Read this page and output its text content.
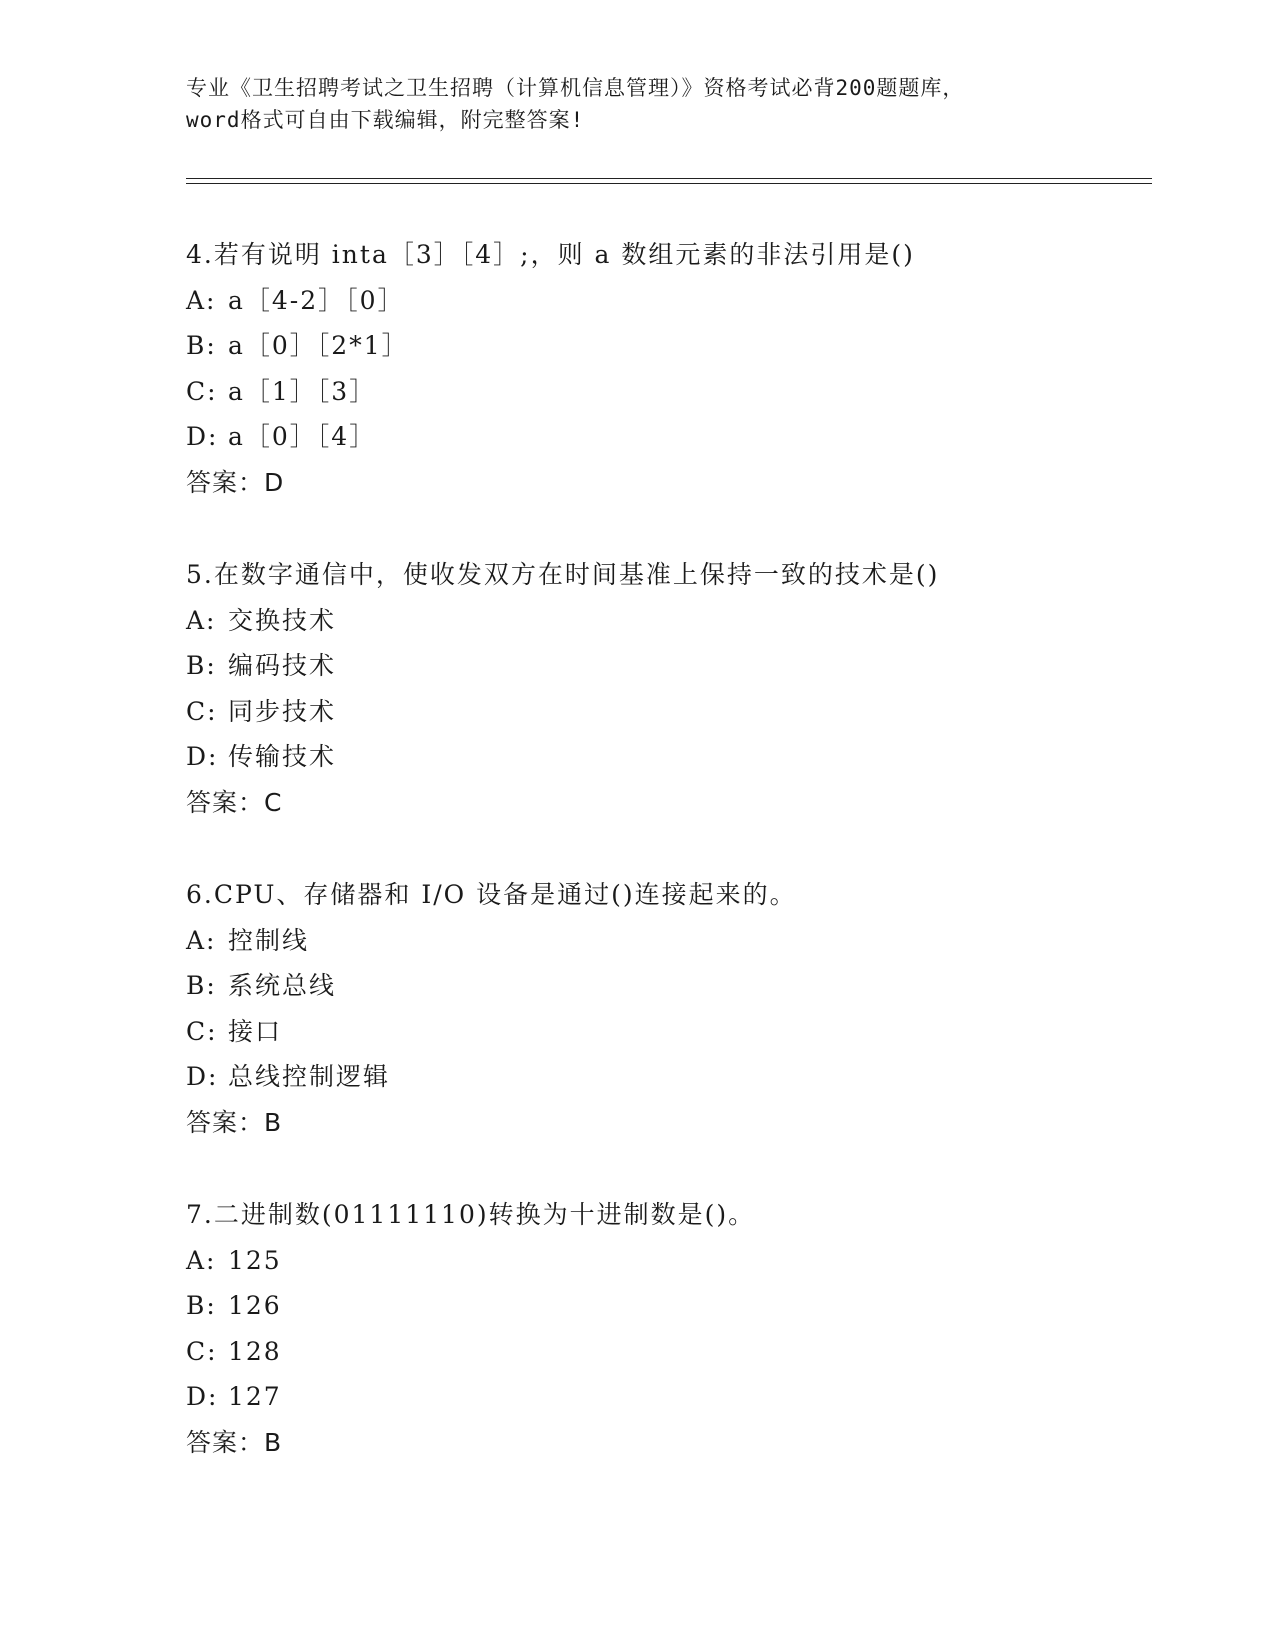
专业《卫生招聘考试之卫生招聘（计算机信息管理）》资格考试必背200题题库，
word格式可自由下载编辑，附完整答案!
4.若有说明 inta［3］［4］;，则 a 数组元素的非法引用是()
A: a［4-2］［0］
B: a［0］［2*1］
C: a［1］［3］
D: a［0］［4］
答案：D
5.在数字通信中，使收发双方在时间基准上保持一致的技术是()
A: 交换技术
B: 编码技术
C: 同步技术
D: 传输技术
答案：C
6.CPU、存储器和 I/O 设备是通过()连接起来的。
A: 控制线
B: 系统总线
C: 接口
D: 总线控制逻辑
答案：B
7.二进制数(01111110)转换为十进制数是()。
A: 125
B: 126
C: 128
D: 127
答案：B
